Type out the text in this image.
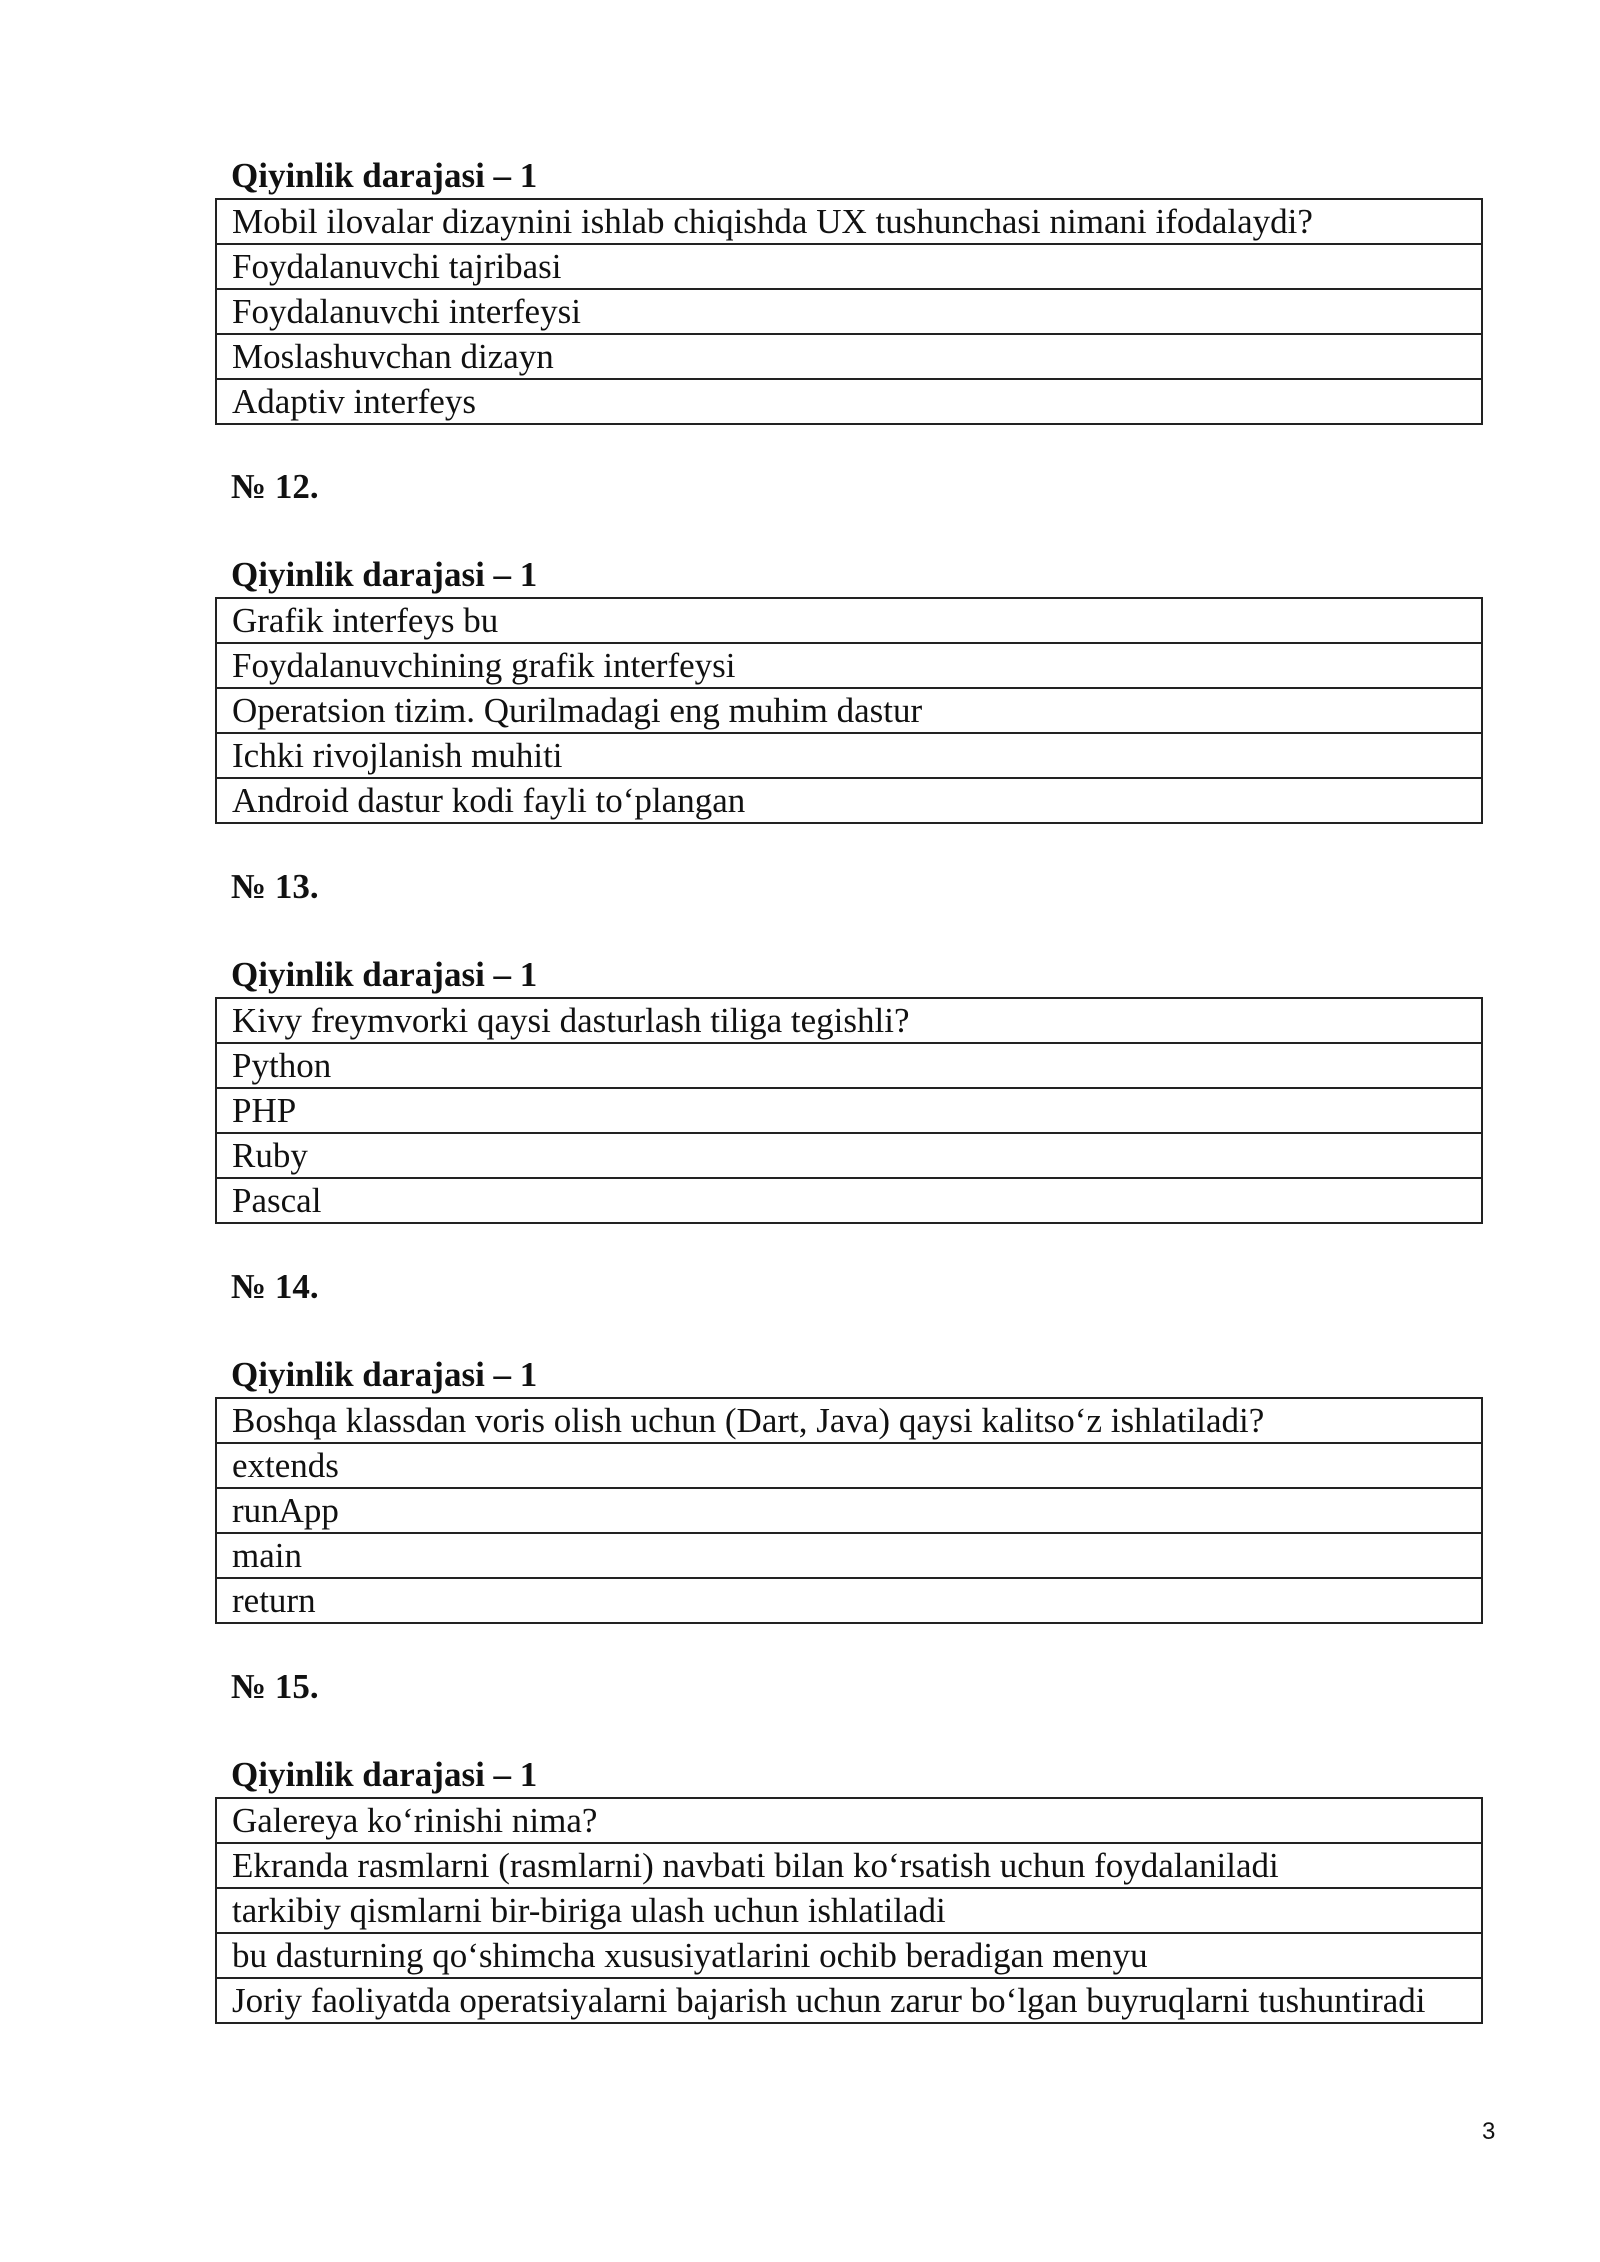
Qiyinlik darajasi – 1
Mobil ilovalar dizaynini ishlab chiqishda UX tushunchasi nimani ifodalaydi?
Foydalanuvchi tajribasi
Foydalanuvchi interfeysi
Moslashuvchan dizayn
Adaptiv interfeys
№ 12.
Qiyinlik darajasi – 1
Grafik interfeys bu
Foydalanuvchining grafik interfeysi
Operatsion tizim. Qurilmadagi eng muhim dastur
Ichki rivojlanish muhiti
Android dastur kodi fayli to‘plangan
№ 13.
Qiyinlik darajasi – 1
Kivy freymvorki qaysi dasturlash tiliga tegishli?
Python
PHP
Ruby
Pascal
№ 14.
Qiyinlik darajasi – 1
Boshqa klassdan voris olish uchun (Dart, Java) qaysi kalitso‘z ishlatiladi?
extends
runApp
main
return
№ 15.
Qiyinlik darajasi – 1
Galereya ko‘rinishi nima?
Ekranda rasmlarni (rasmlarni) navbati bilan ko‘rsatish uchun foydalaniladi
tarkibiy qismlarni bir-biriga ulash uchun ishlatiladi
bu dasturning qo‘shimcha xususiyatlarini ochib beradigan menyu
Joriy faoliyatda operatsiyalarni bajarish uchun zarur bo‘lgan buyruqlarni tushuntiradi
3
